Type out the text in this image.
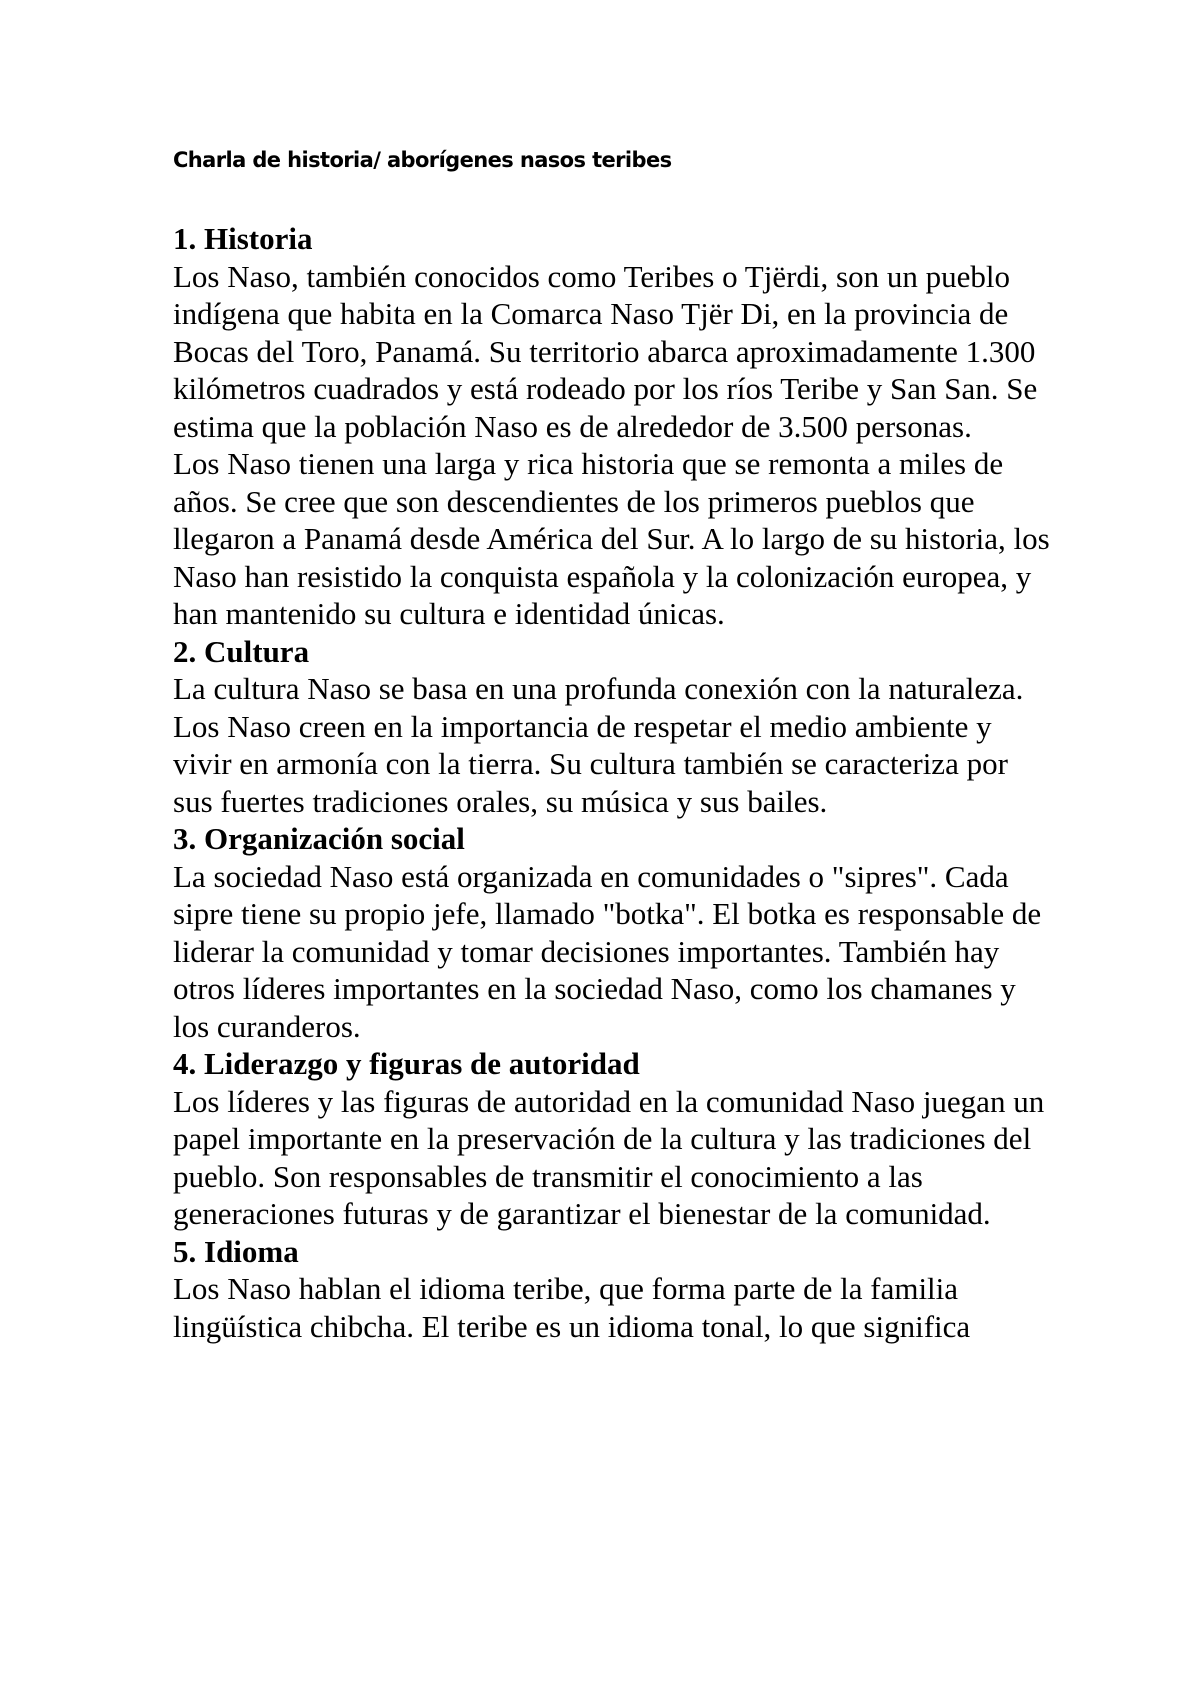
Charla de historia/ aborígenes nasos teribes
1. Historia

Los Naso, también conocidos como Teribes o Tjërdi, son un pueblo indígena que habita en la Comarca Naso Tjër Di, en la provincia de Bocas del Toro, Panamá. Su territorio abarca aproximadamente 1.300 kilómetros cuadrados y está rodeado por los ríos Teribe y San San. Se estima que la población Naso es de alrededor de 3.500 personas.

Los Naso tienen una larga y rica historia que se remonta a miles de años. Se cree que son descendientes de los primeros pueblos que llegaron a Panamá desde América del Sur. A lo largo de su historia, los Naso han resistido la conquista española y la colonización europea, y han mantenido su cultura e identidad únicas.

2. Cultura

La cultura Naso se basa en una profunda conexión con la naturaleza. Los Naso creen en la importancia de respetar el medio ambiente y vivir en armonía con la tierra. Su cultura también se caracteriza por sus fuertes tradiciones orales, su música y sus bailes.

3. Organización social

La sociedad Naso está organizada en comunidades o "sipres". Cada sipre tiene su propio jefe, llamado "botka". El botka es responsable de liderar la comunidad y tomar decisiones importantes. También hay otros líderes importantes en la sociedad Naso, como los chamanes y los curanderos.

4. Liderazgo y figuras de autoridad

Los líderes y las figuras de autoridad en la comunidad Naso juegan un papel importante en la preservación de la cultura y las tradiciones del pueblo. Son responsables de transmitir el conocimiento a las generaciones futuras y de garantizar el bienestar de la comunidad.

5. Idioma

Los Naso hablan el idioma teribe, que forma parte de la familia lingüística chibcha. El teribe es un idioma tonal, lo que significa
